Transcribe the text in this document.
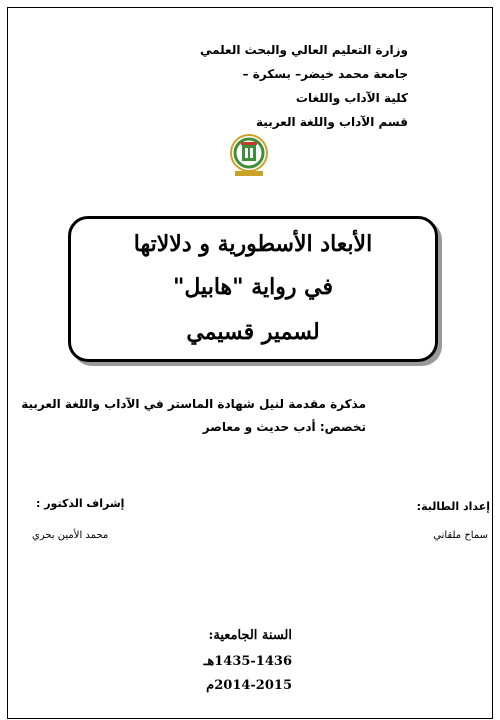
وزارة التعليم العالي والبحث العلمي
جامعة محمد خيضر– بسكرة –
كلية الآداب واللغات
قسم الآداب واللغة العربية
الأبعاد الأسطورية و دلالاتها
في رواية "هابيل"
لسمير قسيمي
مذكرة مقدمة لنيل شهادة الماستر في الآداب واللغة العربية
تخصص: أدب حديث و معاصر
إعداد الطالبة:
إشراف الدكتور :
سماح ملقاني
محمد الأمين بحري
السنة الجامعية:
1435-1436هـ
2014-2015م
